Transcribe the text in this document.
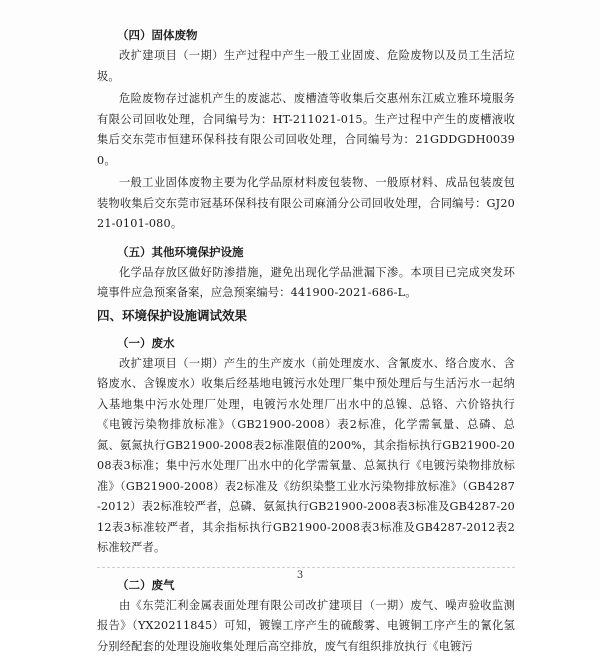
（四）固体废物

改扩建项目（一期）生产过程中产生一般工业固废、危险废物以及员工生活垃圾。

危险废物存过滤机产生的废滤芯、废槽渣等收集后交惠州东江威立雅环境服务有限公司回收处理，合同编号为：HT-211021-015。生产过程中产生的废槽液收集后交东莞市恒建环保科技有限公司回收处理，合同编号为：21GDDGDH00390。

一般工业固体废物主要为化学品原材料废包装物、一般原材料、成品包装废包装物收集后交东莞市冠基环保科技有限公司麻涌分公司回收处理，合同编号：GJ2021-0101-080。

（五）其他环境保护设施

化学品存放区做好防渗措施，避免出现化学品泄漏下渗。本项目已完成突发环境事件应急预案备案，应急预案编号：441900-2021-686-L。

四、环境保护设施调试效果
（一）废水

改扩建项目（一期）产生的生产废水（前处理废水、含氰废水、络合废水、含铬废水、含镍废水）收集后经基地电镀污水处理厂集中预处理后与生活污水一起纳入基地集中污水处理厂处理，电镀污水处理厂出水中的总镍、总铬、六价铬执行《电镀污染物排放标准》（GB21900-2008）表2标准，化学需氧量、总磷、总氮、氨氮执行GB21900-2008表2标准限值的200%，其余指标执行GB21900-2008表3标准；集中污水处理厂出水中的化学需氧量、总氮执行《电镀污染物排放标准》（GB21900-2008）表2标准及《纺织染整工业水污染物排放标准》（GB4287-2012）表2标准较严者，总磷、氨氮执行GB21900-2008表3标准及GB4287-2012表3标准较严者，其余指标执行GB21900-2008表3标准及GB4287-2012表2标准较严者。

（二）废气

由《东莞汇利金属表面处理有限公司改扩建项目（一期）废气、噪声验收监测报告》（YX20211845）可知，镀镍工序产生的硫酸雾、电镀铜工序产生的氰化氢分别经配套的处理设施收集处理后高空排放，废气有组织排放执行《电镀污

3
